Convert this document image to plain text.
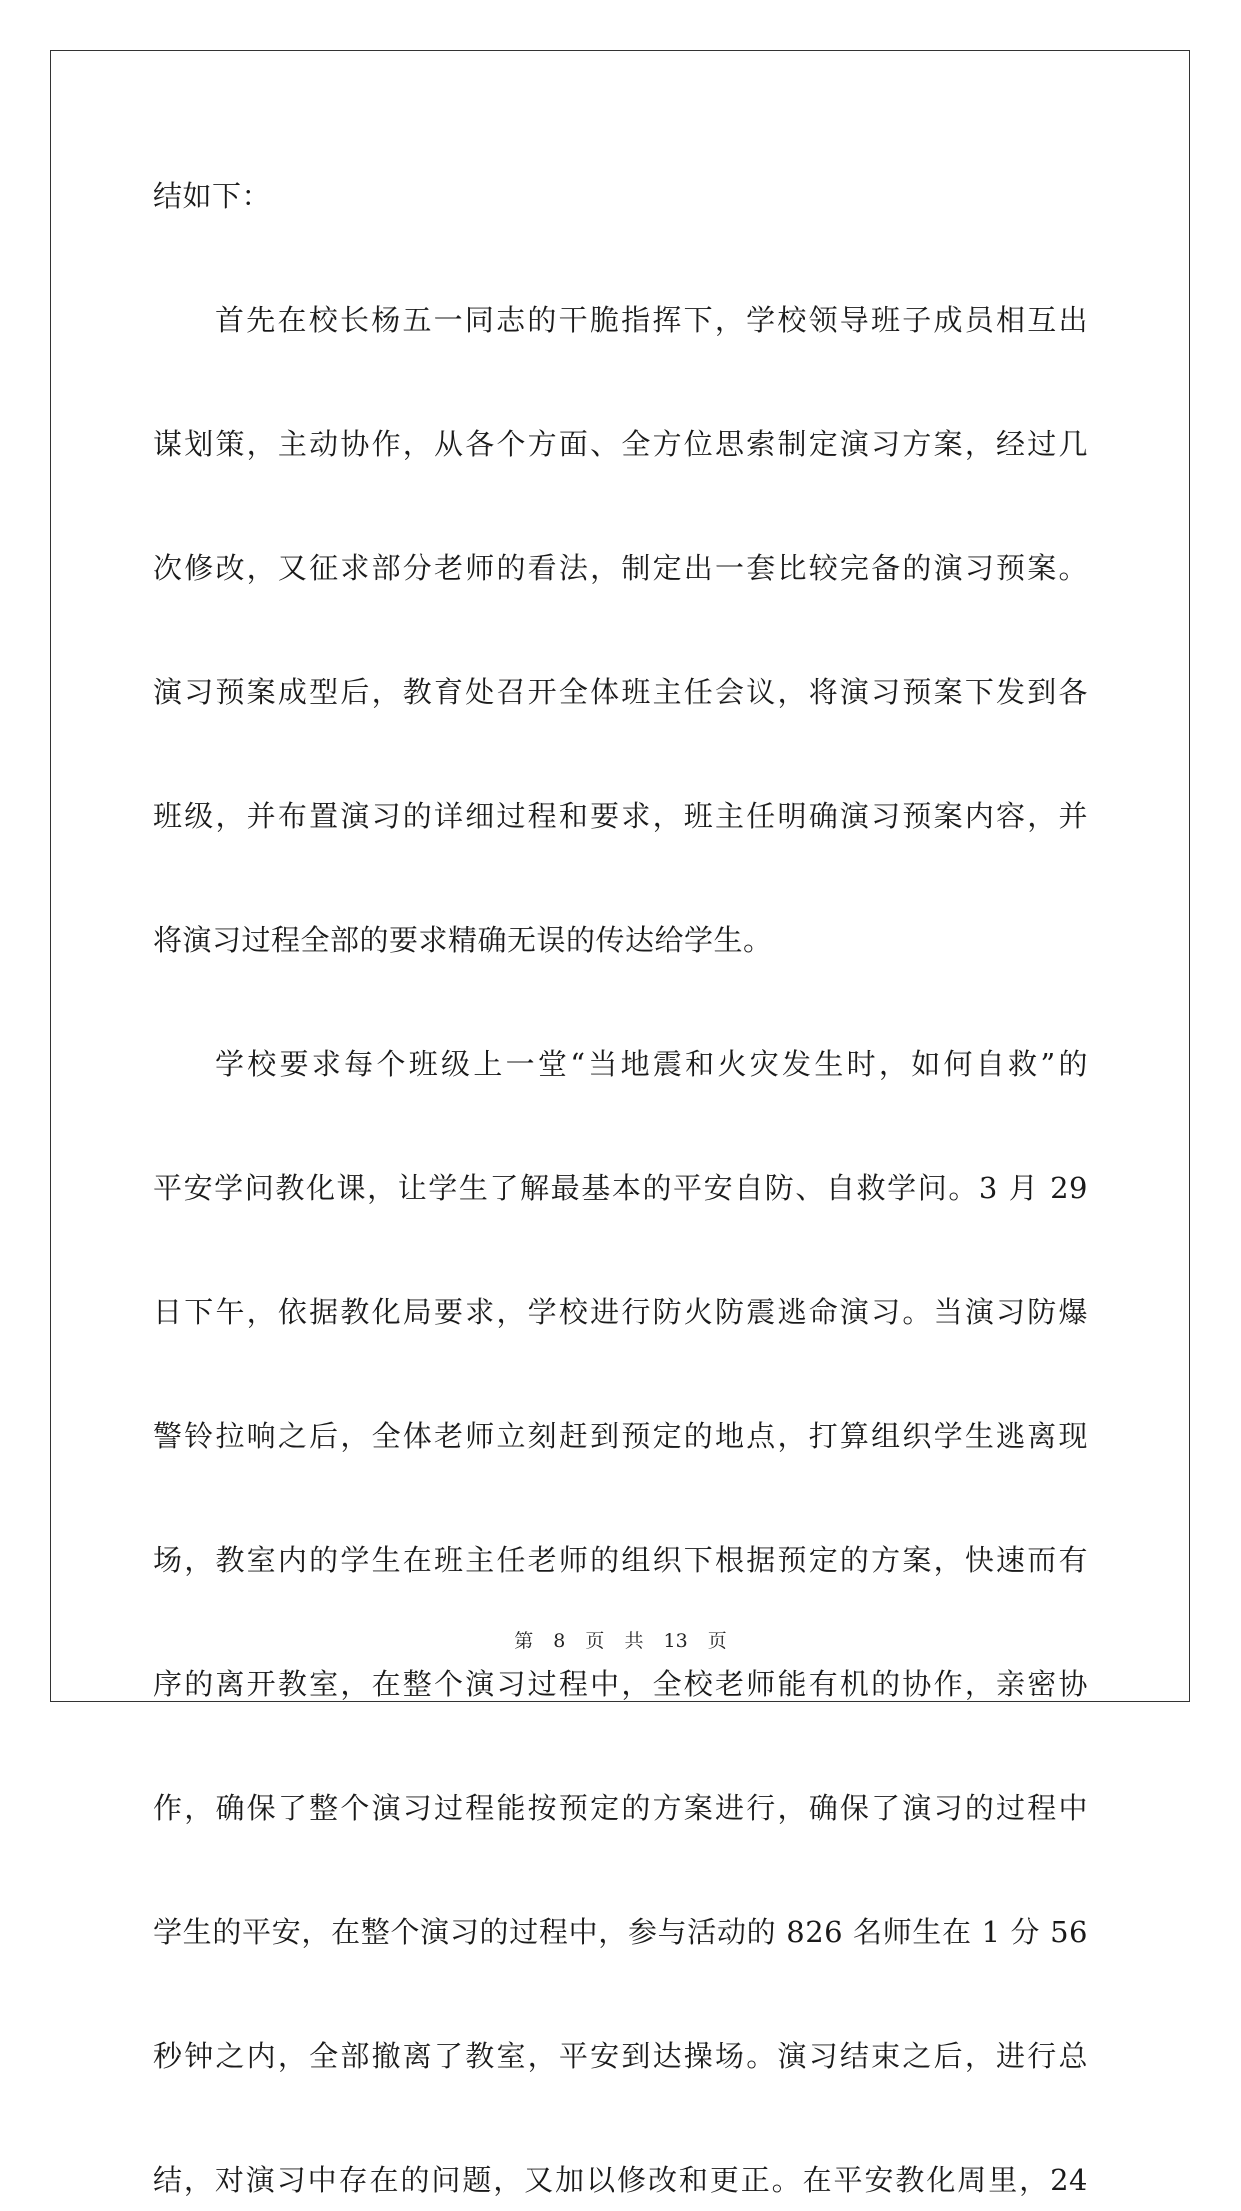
结如下：
首先在校长杨五一同志的干脆指挥下，学校领导班子成员相互出
谋划策，主动协作，从各个方面、全方位思索制定演习方案，经过几
次修改，又征求部分老师的看法，制定出一套比较完备的演习预案。
演习预案成型后，教育处召开全体班主任会议，将演习预案下发到各
班级，并布置演习的详细过程和要求，班主任明确演习预案内容，并
将演习过程全部的要求精确无误的传达给学生。
学校要求每个班级上一堂“当地震和火灾发生时，如何自救”的
平安学问教化课，让学生了解最基本的平安自防、自救学问。3 月 29
日下午，依据教化局要求，学校进行防火防震逃命演习。当演习防爆
警铃拉响之后，全体老师立刻赶到预定的地点，打算组织学生逃离现
场，教室内的学生在班主任老师的组织下根据预定的方案，快速而有
序的离开教室，在整个演习过程中，全校老师能有机的协作，亲密协
作，确保了整个演习过程能按预定的方案进行，确保了演习的过程中
学生的平安，在整个演习的过程中，参与活动的 826 名师生在 1 分 56
秒钟之内，全部撤离了教室，平安到达操场。演习结束之后，进行总
结，对演习中存在的问题，又加以修改和更正。在平安教化周里，24
第 8 页 共 13 页
